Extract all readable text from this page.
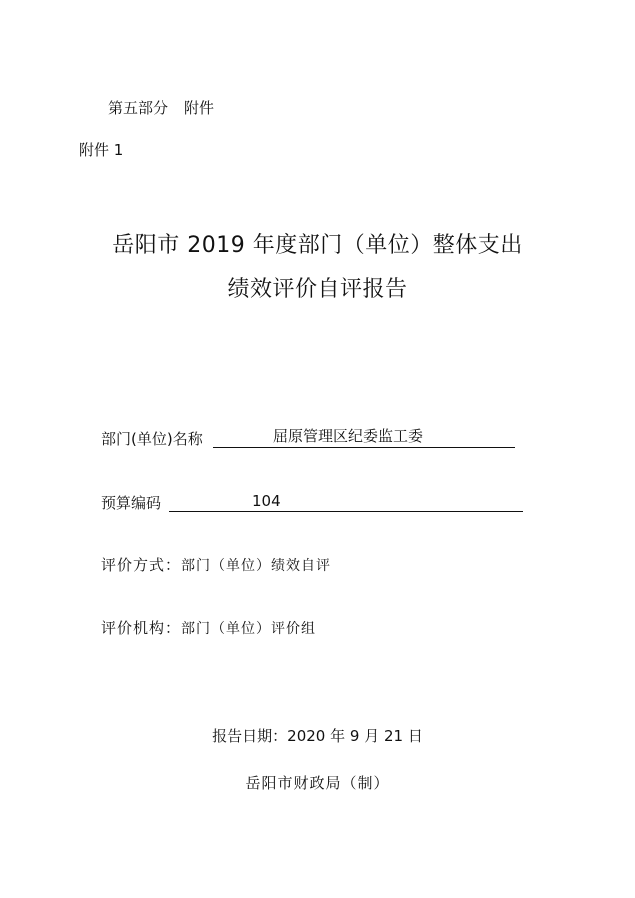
第五部分 附件
附件 1
岳阳市 2019 年度部门（单位）整体支出
绩效评价自评报告
部门(单位)名称	屈原管理区纪委监工委
预算编码	104
评价方式：部门（单位）绩效自评
评价机构：部门（单位）评价组
报告日期：2020 年 9 月 21 日
岳阳市财政局（制）
